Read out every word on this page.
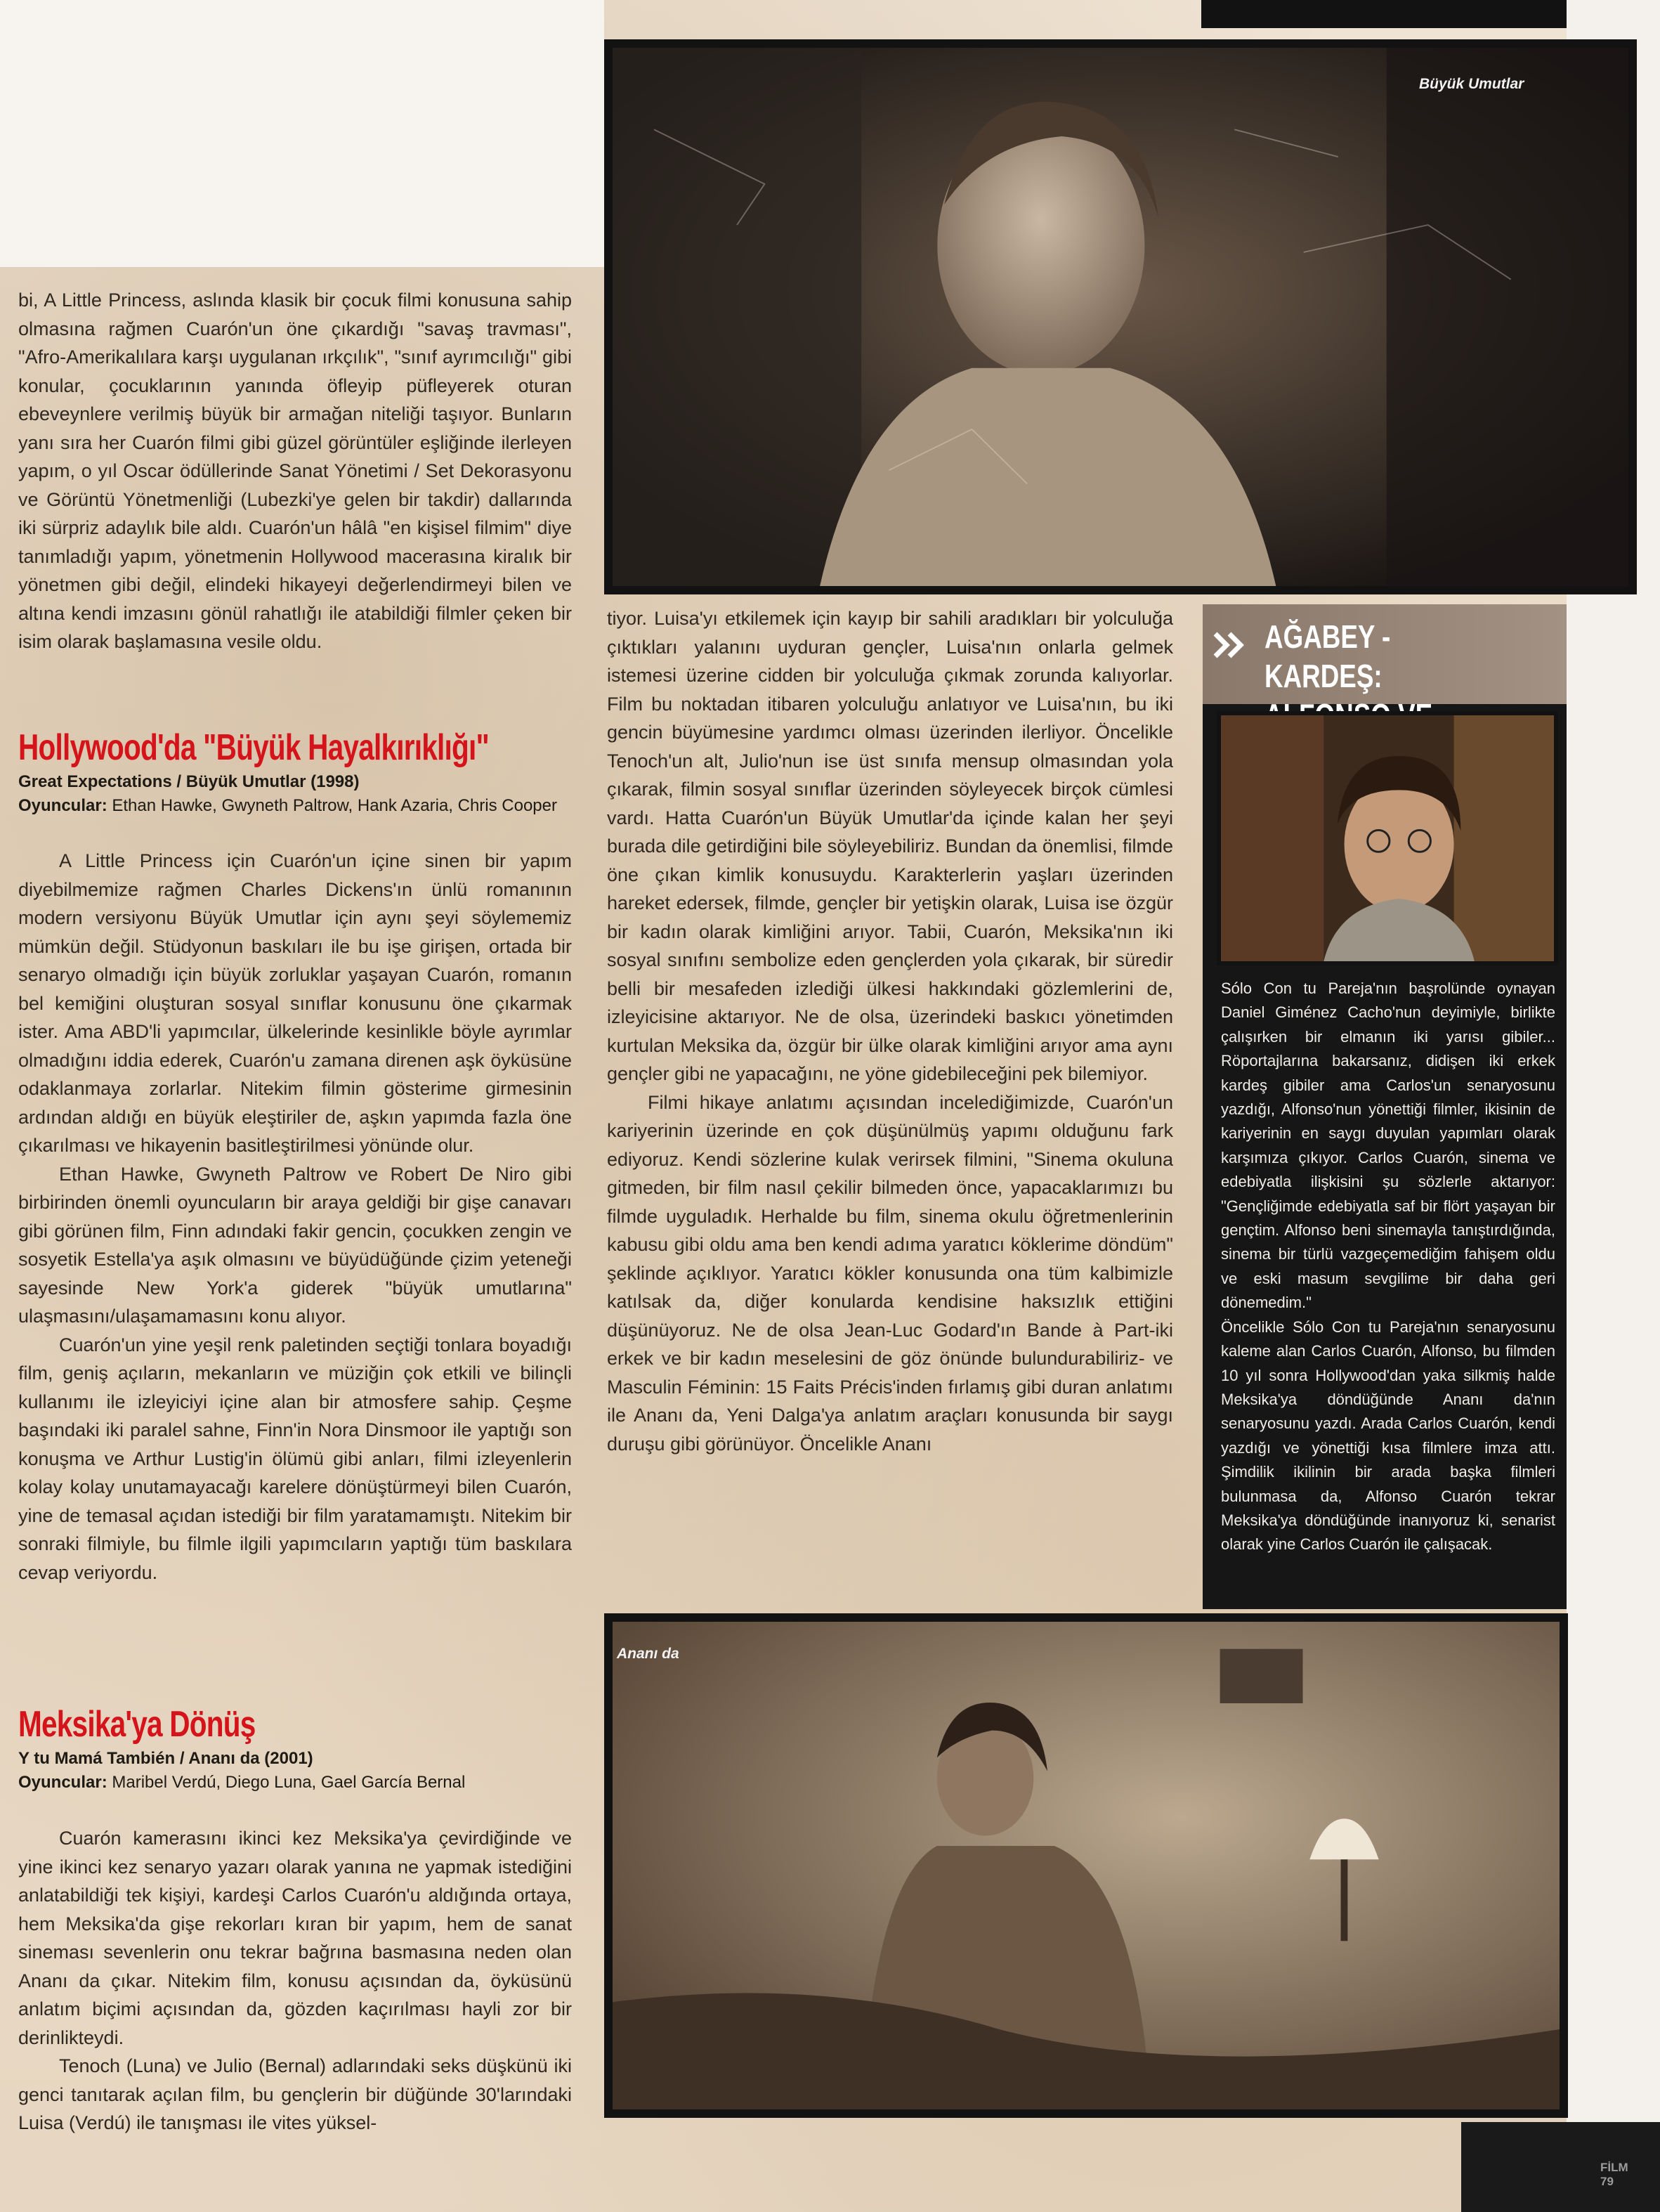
bi, A Little Princess, aslında klasik bir çocuk filmi konusuna sahip olmasına rağmen Cuarón'un öne çıkardığı "savaş travması", "Afro-Amerikalılara karşı uygulanan ırkçılık", "sınıf ayrımcılığı" gibi konular, çocuklarının yanında öfleyip püfleyerek oturan ebeveynlere verilmiş büyük bir armağan niteliği taşıyor. Bunların yanı sıra her Cuarón filmi gibi güzel görüntüler eşliğinde ilerleyen yapım, o yıl Oscar ödüllerinde Sanat Yönetimi / Set Dekorasyonu ve Görüntü Yönetmenliği (Lubezki'ye gelen bir takdir) dallarında iki sürpriz adaylık bile aldı. Cuarón'un hâlâ "en kişisel filmim" diye tanımladığı yapım, yönetmenin Hollywood macerasına kiralık bir yönetmen gibi değil, elindeki hikayeyi değerlendirmeyi bilen ve altına kendi imzasını gönül rahatlığı ile atabildiği filmler çeken bir isim olarak başlamasına vesile oldu.

Hollywood'da "Büyük Hayalkırıklığı"
Great Expectations / Büyük Umutlar (1998)
Oyuncular: Ethan Hawke, Gwyneth Paltrow, Hank Azaria, Chris Cooper

A Little Princess için Cuarón'un içine sinen bir yapım diyebilmemize rağmen Charles Dickens'ın ünlü romanının modern versiyonu Büyük Umutlar için aynı şeyi söylememiz mümkün değil. Stüdyonun baskıları ile bu işe girişen, ortada bir senaryo olmadığı için büyük zorluklar yaşayan Cuarón, romanın bel kemiğini oluşturan sosyal sınıflar konusunu öne çıkarmak ister. Ama ABD'li yapımcılar, ülkelerinde kesinlikle böyle ayrımlar olmadığını iddia ederek, Cuarón'u zamana direnen aşk öyküsüne odaklanmaya zorlarlar. Nitekim filmin gösterime girmesinin ardından aldığı en büyük eleştiriler de, aşkın yapımda fazla öne çıkarılması ve hikayenin basitleştirilmesi yönünde olur.

Ethan Hawke, Gwyneth Paltrow ve Robert De Niro gibi birbirinden önemli oyuncuların bir araya geldiği bir gişe canavarı gibi görünen film, Finn adındaki fakir gencin, çocukken zengin ve sosyetik Estella'ya aşık olmasını ve büyüdüğünde çizim yeteneği sayesinde New York'a giderek "büyük umutlarına" ulaşmasını/ulaşamamasını konu alıyor.

Cuarón'un yine yeşil renk paletinden seçtiği tonlara boyadığı film, geniş açıların, mekanların ve müziğin çok etkili ve bilinçli kullanımı ile izleyiciyi içine alan bir atmosfere sahip. Çeşme başındaki iki paralel sahne, Finn'in Nora Dinsmoor ile yaptığı son konuşma ve Arthur Lustig'in ölümü gibi anları, filmi izleyenlerin kolay kolay unutamayacağı karelere dönüştürmeyi bilen Cuarón, yine de temasal açıdan istediği bir film yaratamamıştı. Nitekim bir sonraki filmiyle, bu filmle ilgili yapımcıların yaptığı tüm baskılara cevap veriyordu.

Meksika'ya Dönüş
Y tu Mamá También / Ananı da (2001)
Oyuncular: Maribel Verdú, Diego Luna, Gael García Bernal

Cuarón kamerasını ikinci kez Meksika'ya çevirdiğinde ve yine ikinci kez senaryo yazarı olarak yanına ne yapmak istediğini anlatabildiği tek kişiyi, kardeşi Carlos Cuarón'u aldığında ortaya, hem Meksika'da gişe rekorları kıran bir yapım, hem de sanat sineması sevenlerin onu tekrar bağrına basmasına neden olan Ananı da çıkar. Nitekim film, konusu açısından da, öyküsünü anlatım biçimi açısından da, gözden kaçırılması hayli zor bir derinlikteydi.

Tenoch (Luna) ve Julio (Bernal) adlarındaki seks düşkünü iki genci tanıtarak açılan film, bu gençlerin bir düğünde 30'larındaki Luisa (Verdú) ile tanışması ile vites yüksel-

Büyük Umutlar

tiyor. Luisa'yı etkilemek için kayıp bir sahili aradıkları bir yolculuğa çıktıkları yalanını uyduran gençler, Luisa'nın onlarla gelmek istemesi üzerine cidden bir yolculuğa çıkmak zorunda kalıyorlar. Film bu noktadan itibaren yolculuğu anlatıyor ve Luisa'nın, bu iki gencin büyümesine yardımcı olması üzerinden ilerliyor. Öncelikle Tenoch'un alt, Julio'nun ise üst sınıfa mensup olmasından yola çıkarak, filmin sosyal sınıflar üzerinden söyleyecek birçok cümlesi vardı. Hatta Cuarón'un Büyük Umutlar'da içinde kalan her şeyi burada dile getirdiğini bile söyleyebiliriz. Bundan da önemlisi, filmde öne çıkan kimlik konusuydu. Karakterlerin yaşları üzerinden hareket edersek, filmde, gençler bir yetişkin olarak, Luisa ise özgür bir kadın olarak kimliğini arıyor. Tabii, Cuarón, Meksika'nın iki sosyal sınıfını sembolize eden gençlerden yola çıkarak, bir süredir belli bir mesafeden izlediği ülkesi hakkındaki gözlemlerini de, izleyicisine aktarıyor. Ne de olsa, üzerindeki baskıcı yönetimden kurtulan Meksika da, özgür bir ülke olarak kimliğini arıyor ama aynı gençler gibi ne yapacağını, ne yöne gidebileceğini pek bilemiyor.

Filmi hikaye anlatımı açısından incelediğimizde, Cuarón'un kariyerinin üzerinde en çok düşünülmüş yapımı olduğunu fark ediyoruz. Kendi sözlerine kulak verirsek filmini, "Sinema okuluna gitmeden, bir film nasıl çekilir bilmeden önce, yapacaklarımızı bu filmde uyguladık. Herhalde bu film, sinema okulu öğretmenlerinin kabusu gibi oldu ama ben kendi adıma yaratıcı köklerime döndüm" şeklinde açıklıyor. Yaratıcı kökler konusunda ona tüm kalbimizle katılsak da, diğer konularda kendisine haksızlık ettiğini düşünüyoruz. Ne de olsa Jean-Luc Godard'ın Bande à Part-iki erkek ve bir kadın meselesini de göz önünde bulundurabiliriz- ve Masculin Féminin: 15 Faits Précis'inden fırlamış gibi duran anlatımı ile Ananı da, Yeni Dalga'ya anlatım araçları konusunda bir saygı duruşu gibi görünüyor. Öncelikle Ananı

AĞABEY - KARDEŞ:

Sólo Con tu Pareja'nın başrolünde oynayan Daniel Giménez Cacho'nun deyimiyle, birlikte çalışırken bir elmanın iki yarısı gibiler... Röportajlarına bakarsanız, didişen iki erkek kardeş gibiler ama Carlos'un senaryosunu yazdığı, Alfonso'nun yönettiği filmler, ikisinin de kariyerinin en saygı duyulan yapımları olarak karşımıza çıkıyor. Carlos Cuarón, sinema ve edebiyatla ilişkisini şu sözlerle aktarıyor: "Gençliğimde edebiyatla saf bir flört yaşayan bir gençtim. Alfonso beni sinemayla tanıştırdığında, sinema bir türlü vazgeçemediğim fahişem oldu ve eski masum sevgilime bir daha geri dönemedim."

Öncelikle Sólo Con tu Pareja'nın senaryosunu kaleme alan Carlos Cuarón, Alfonso, bu filmden 10 yıl sonra Hollywood'dan yaka silkmiş halde Meksika'ya döndüğünde Ananı da'nın senaryosunu yazdı. Arada Carlos Cuarón, kendi yazdığı ve yönettiği kısa filmlere imza attı. Şimdilik ikilinin bir arada başka filmleri bulunmasa da, Alfonso Cuarón tekrar Meksika'ya döndüğünde inanıyoruz ki, senarist olarak yine Carlos Cuarón ile çalışacak.

Ananı da
FİLM
79
